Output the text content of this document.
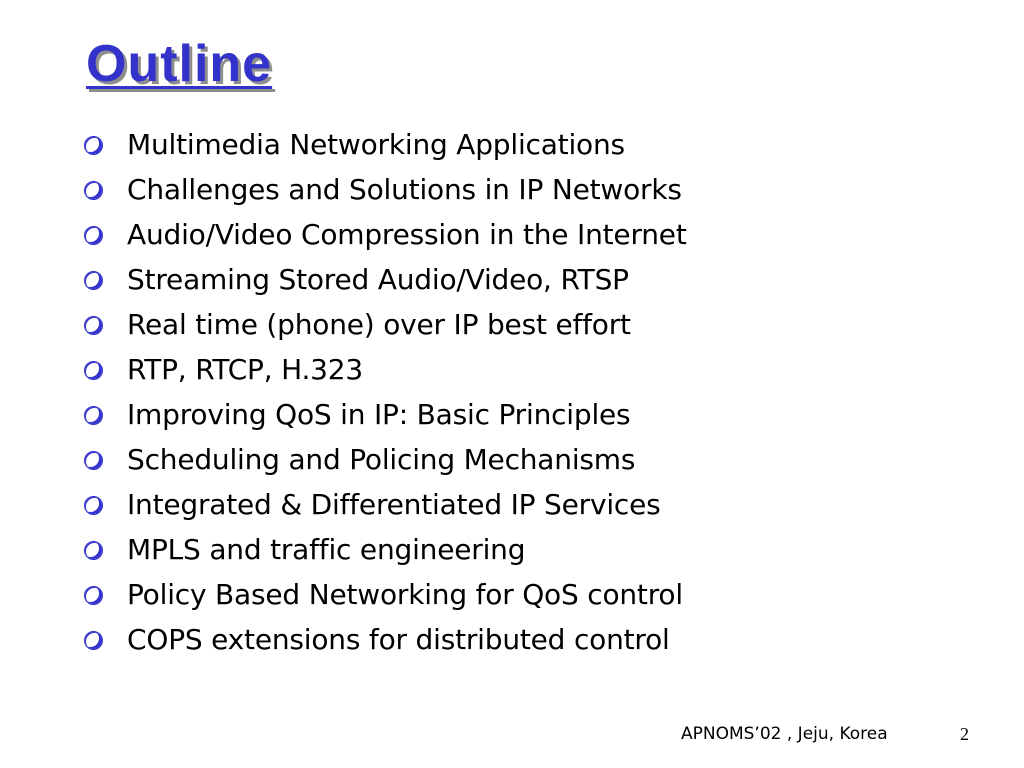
Outline
Multimedia Networking Applications
Challenges and Solutions in IP Networks
Audio/Video Compression in the Internet
Streaming Stored Audio/Video, RTSP
Real time (phone) over IP best effort
RTP, RTCP, H.323
Improving QoS in IP: Basic Principles
Scheduling and Policing Mechanisms
Integrated & Differentiated IP Services
MPLS and traffic engineering
Policy Based Networking for QoS control
COPS extensions for distributed control
APNOMS’02 , Jeju, Korea	2
